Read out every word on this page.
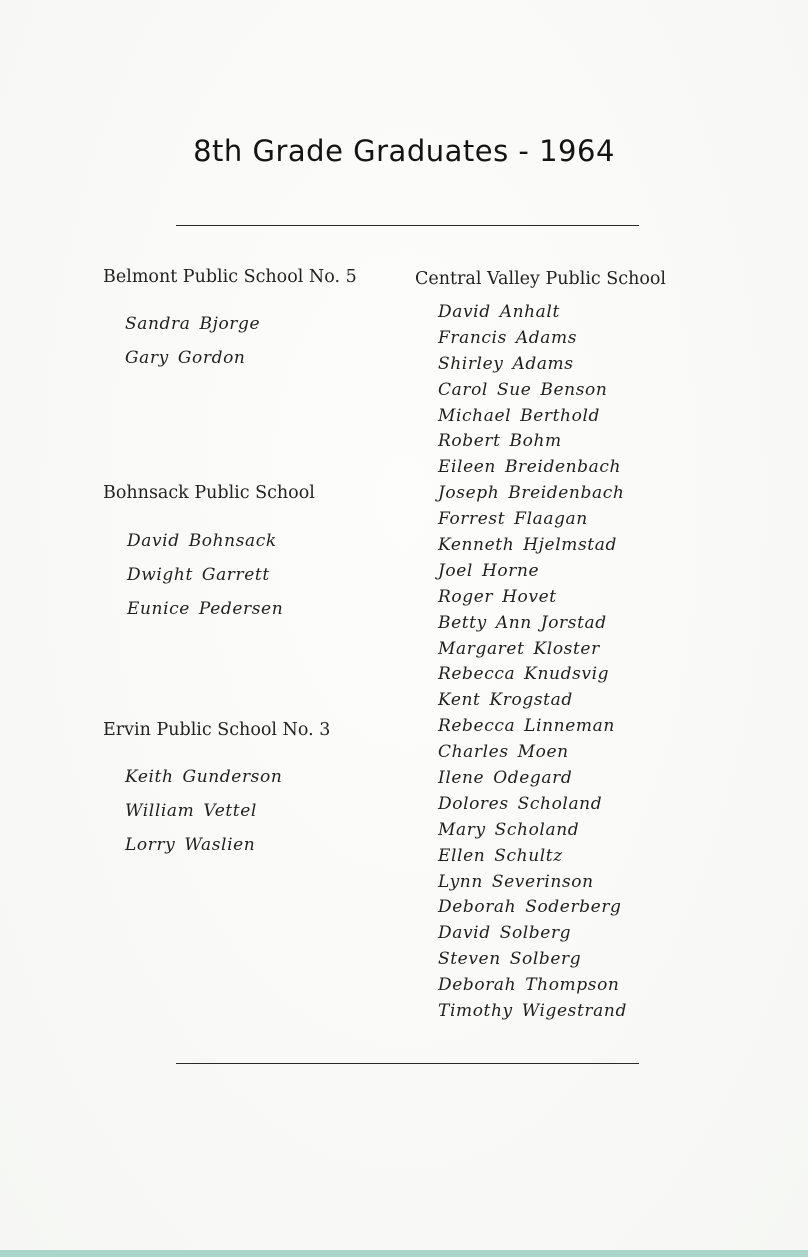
8th Grade Graduates - 1964
Belmont Public School No. 5
Sandra Bjorge
Gary Gordon
Bohnsack Public School
David Bohnsack
Dwight Garrett
Eunice Pedersen
Ervin Public School No. 3
Keith Gunderson
William Vettel
Lorry Waslien
Central Valley Public School
David Anhalt
Francis Adams
Shirley Adams
Carol Sue Benson
Michael Berthold
Robert Bohm
Eileen Breidenbach
Joseph Breidenbach
Forrest Flaagan
Kenneth Hjelmstad
Joel Horne
Roger Hovet
Betty Ann Jorstad
Margaret Kloster
Rebecca Knudsvig
Kent Krogstad
Rebecca Linneman
Charles Moen
Ilene Odegard
Dolores Scholand
Mary Scholand
Ellen Schultz
Lynn Severinson
Deborah Soderberg
David Solberg
Steven Solberg
Deborah Thompson
Timothy Wigestrand
